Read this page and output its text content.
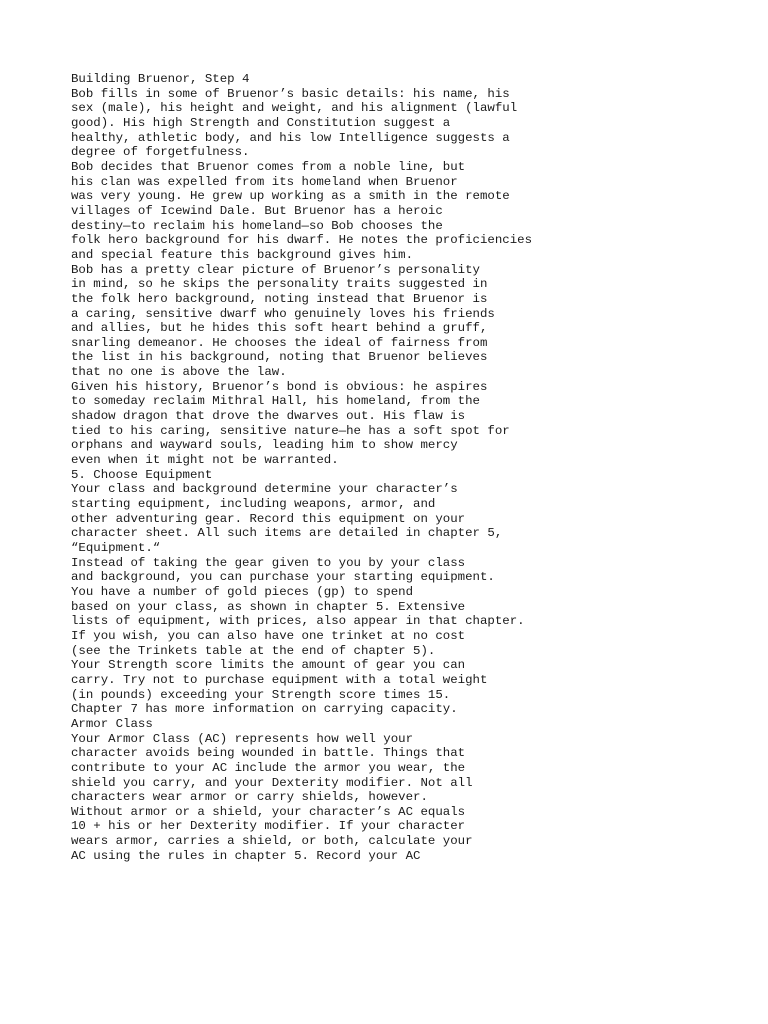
Building Bruenor, Step 4
Bob fills in some of Bruenor’s basic details: his name, his
sex (male), his height and weight, and his alignment (lawful
good). His high Strength and Constitution suggest a
healthy, athletic body, and his low Intelligence suggests a
degree of forgetfulness.
Bob decides that Bruenor comes from a noble line, but
his clan was expelled from its homeland when Bruenor
was very young. He grew up working as a smith in the remote
villages of Icewind Dale. But Bruenor has a heroic
destiny—to reclaim his homeland—so Bob chooses the
folk hero background for his dwarf. He notes the proficiencies
and special feature this background gives him.
Bob has a pretty clear picture of Bruenor’s personality
in mind, so he skips the personality traits suggested in
the folk hero background, noting instead that Bruenor is
a caring, sensitive dwarf who genuinely loves his friends
and allies, but he hides this soft heart behind a gruff,
snarling demeanor. He chooses the ideal of fairness from
the list in his background, noting that Bruenor believes
that no one is above the law.
Given his history, Bruenor’s bond is obvious: he aspires
to someday reclaim Mithral Hall, his homeland, from the
shadow dragon that drove the dwarves out. His flaw is
tied to his caring, sensitive nature—he has a soft spot for
orphans and wayward souls, leading him to show mercy
even when it might not be warranted.
5. Choose Equipment
Your class and background determine your character’s
starting equipment, including weapons, armor, and
other adventuring gear. Record this equipment on your
character sheet. All such items are detailed in chapter 5,
“Equipment.“
Instead of taking the gear given to you by your class
and background, you can purchase your starting equipment.
You have a number of gold pieces (gp) to spend
based on your class, as shown in chapter 5. Extensive
lists of equipment, with prices, also appear in that chapter.
If you wish, you can also have one trinket at no cost
(see the Trinkets table at the end of chapter 5).
Your Strength score limits the amount of gear you can
carry. Try not to purchase equipment with a total weight
(in pounds) exceeding your Strength score times 15.
Chapter 7 has more information on carrying capacity.
Armor Class
Your Armor Class (AC) represents how well your
character avoids being wounded in battle. Things that
contribute to your AC include the armor you wear, the
shield you carry, and your Dexterity modifier. Not all
characters wear armor or carry shields, however.
Without armor or a shield, your character’s AC equals
10 + his or her Dexterity modifier. If your character
wears armor, carries a shield, or both, calculate your
AC using the rules in chapter 5. Record your AC
